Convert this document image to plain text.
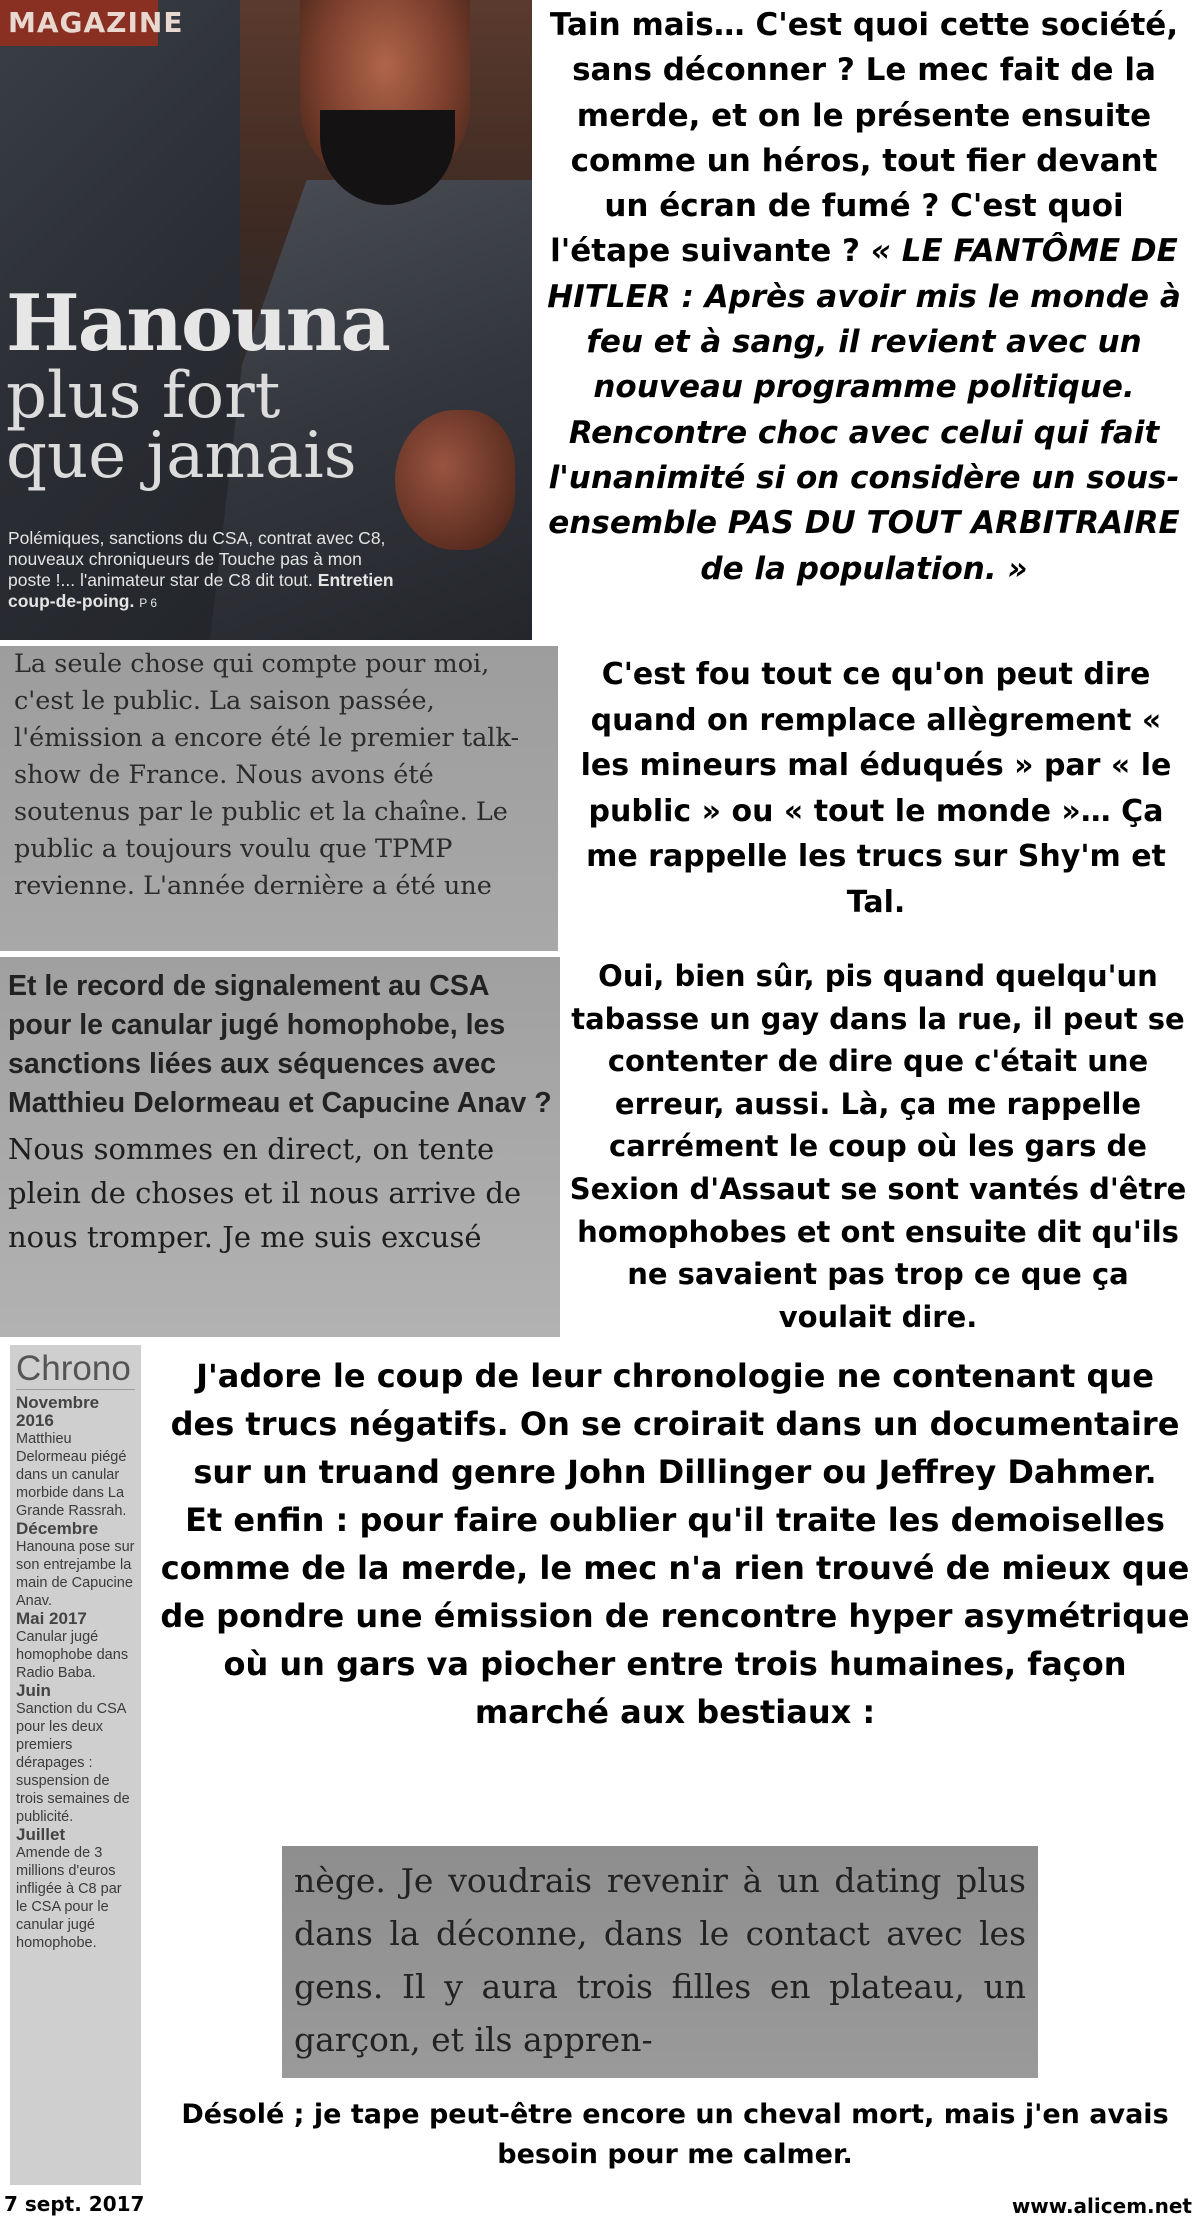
MAGAZINE
Hanouna
plus fort
que jamais
Polémiques, sanctions du CSA, contrat avec C8, nouveaux chroniqueurs de Touche pas à mon poste !... l'animateur star de C8 dit tout. Entretien coup-de-poing. P 6
Tain mais… C'est quoi cette société, sans déconner ? Le mec fait de la merde, et on le présente ensuite comme un héros, tout fier devant un écran de fumé ? C'est quoi l'étape suivante ? « LE FANTÔME DE HITLER : Après avoir mis le monde à feu et à sang, il revient avec un nouveau programme politique. Rencontre choc avec celui qui fait l'unanimité si on considère un sous-ensemble PAS DU TOUT ARBITRAIRE de la population. »
La seule chose qui compte pour moi, c'est le public. La saison passée, l'émission a encore été le premier talk-show de France. Nous avons été soutenus par le public et la chaîne. Le public a toujours voulu que TPMP revienne. L'année dernière a été une
C'est fou tout ce qu'on peut dire quand on remplace allègrement « les mineurs mal éduqués » par « le public » ou « tout le monde »… Ça me rappelle les trucs sur Shy'm et Tal.
Et le record de signalement au CSA pour le canular jugé homophobe, les sanctions liées aux séquences avec Matthieu Delormeau et Capucine Anav ?
Nous sommes en direct, on tente plein de choses et il nous arrive de nous tromper. Je me suis excusé
Oui, bien sûr, pis quand quelqu'un tabasse un gay dans la rue, il peut se contenter de dire que c'était une erreur, aussi. Là, ça me rappelle carrément le coup où les gars de Sexion d'Assaut se sont vantés d'être homophobes et ont ensuite dit qu'ils ne savaient pas trop ce que ça voulait dire.
Chrono
Novembre 2016
Matthieu Delormeau piégé dans un canular morbide dans La Grande Rassrah.
Décembre
Hanouna pose sur son entrejambe la main de Capucine Anav.
Mai 2017
Canular jugé homophobe dans Radio Baba.
Juin
Sanction du CSA pour les deux premiers dérapages : suspension de trois semaines de publicité.
Juillet
Amende de 3 millions d'euros infligée à C8 par le CSA pour le canular jugé homophobe.
J'adore le coup de leur chronologie ne contenant que des trucs négatifs. On se croirait dans un documentaire sur un truand genre John Dillinger ou Jeffrey Dahmer.
Et enfin : pour faire oublier qu'il traite les demoiselles comme de la merde, le mec n'a rien trouvé de mieux que de pondre une émission de rencontre hyper asymétrique où un gars va piocher entre trois humaines, façon marché aux bestiaux :
nège. Je voudrais revenir à un dating plus dans la déconne, dans le contact avec les gens. Il y aura trois filles en plateau, un garçon, et ils appren-
Désolé ; je tape peut-être encore un cheval mort, mais j'en avais besoin pour me calmer.
7 sept. 2017	www.alicem.net
